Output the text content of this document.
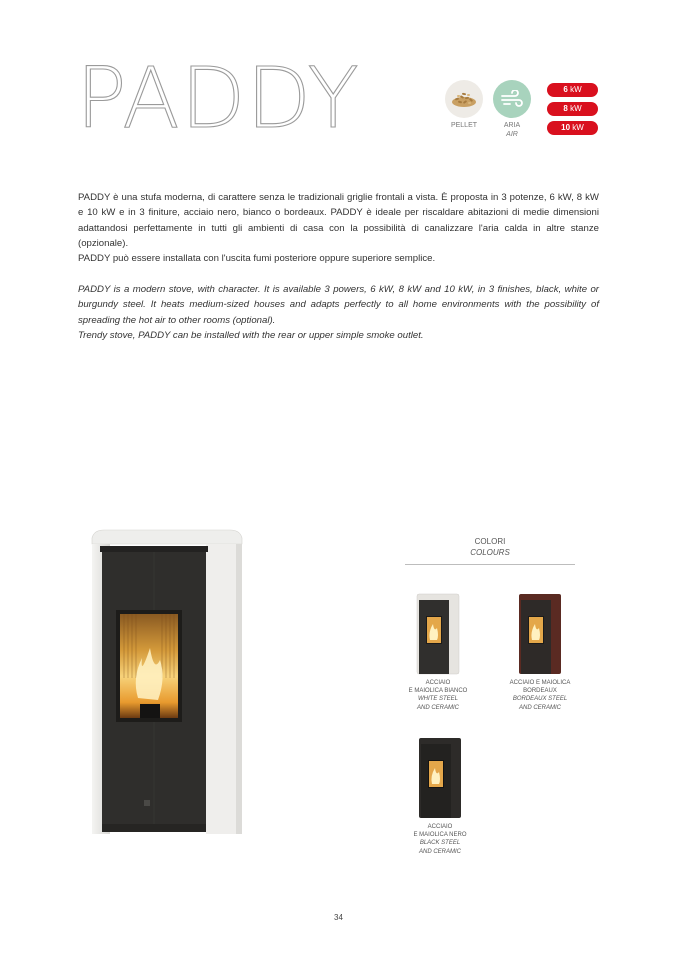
PADDY	PELLET	ARIA
AIR
6 kW
8 kW
10 kW

PADDY è una stufa moderna, di carattere senza le tradizionali griglie frontali a vista. È proposta in 3 potenze, 6 kW, 8 kW e 10 kW e in 3 finiture, acciaio nero, bianco o bordeaux. PADDY è ideale per riscaldare abitazioni di medie dimensioni adattandosi perfettamente in tutti gli ambienti di casa con la possibilità di canalizzare l'aria calda in altre stanze (opzionale).

PADDY può essere installata con l'uscita fumi posteriore oppure superiore semplice.

PADDY is a modern stove, with character. It is available 3 powers, 6 kW, 8 kW and 10 kW, in 3 finishes, black, white or burgundy steel. It heats medium-sized houses and adapts perfectly to all home environments with the possibility of spreading the hot air to other rooms (optional).

Trendy stove, PADDY can be installed with the rear or upper simple smoke outlet.

COLORI
COLOURS
ACCIAIO
E MAIOLICA BIANCO
WHITE STEEL
AND CERAMIC
ACCIAIO E MAIOLICA
BORDEAUX
BORDEAUX STEEL
AND CERAMIC
ACCIAIO
E MAIOLICA NERO
BLACK STEEL
AND CERAMIC
34
